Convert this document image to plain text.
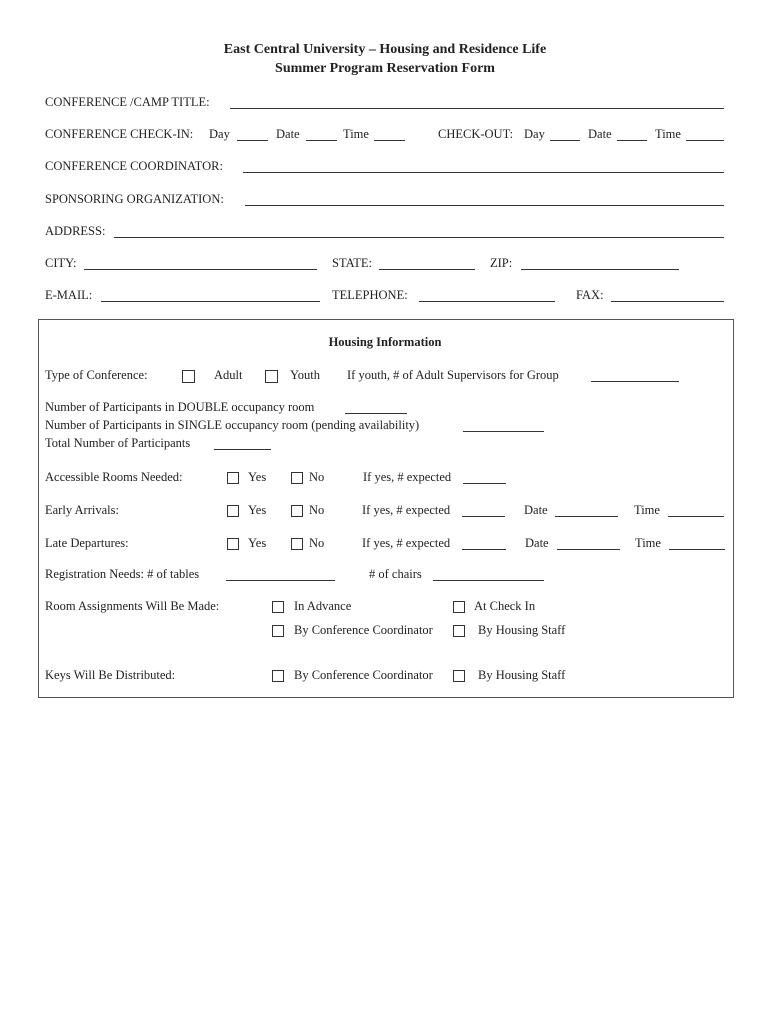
East Central University – Housing and Residence Life
Summer Program Reservation Form
CONFERENCE /CAMP TITLE:
CONFERENCE CHECK-IN: Day	Date	Time	CHECK-OUT: Day	Date	Time
CONFERENCE COORDINATOR:
SPONSORING ORGANIZATION:
ADDRESS:
CITY:	STATE:	ZIP:
E-MAIL:	TELEPHONE:	FAX:
Housing Information
Type of Conference:	Adult	Youth If youth, # of Adult Supervisors for Group
Number of Participants in DOUBLE occupancy room
Number of Participants in SINGLE occupancy room (pending availability)
Total Number of Participants
Accessible Rooms Needed:	Yes	No	If yes, # expected
Early Arrivals:	Yes	No	If yes, # expected	Date	Time
Late Departures:	Yes	No	If yes, # expected	Date	Time
Registration Needs: # of tables	# of chairs
Room Assignments Will Be Made:	In Advance	At Check In
By Conference Coordinator	By Housing Staff
Keys Will Be Distributed:	By Conference Coordinator	By Housing Staff
